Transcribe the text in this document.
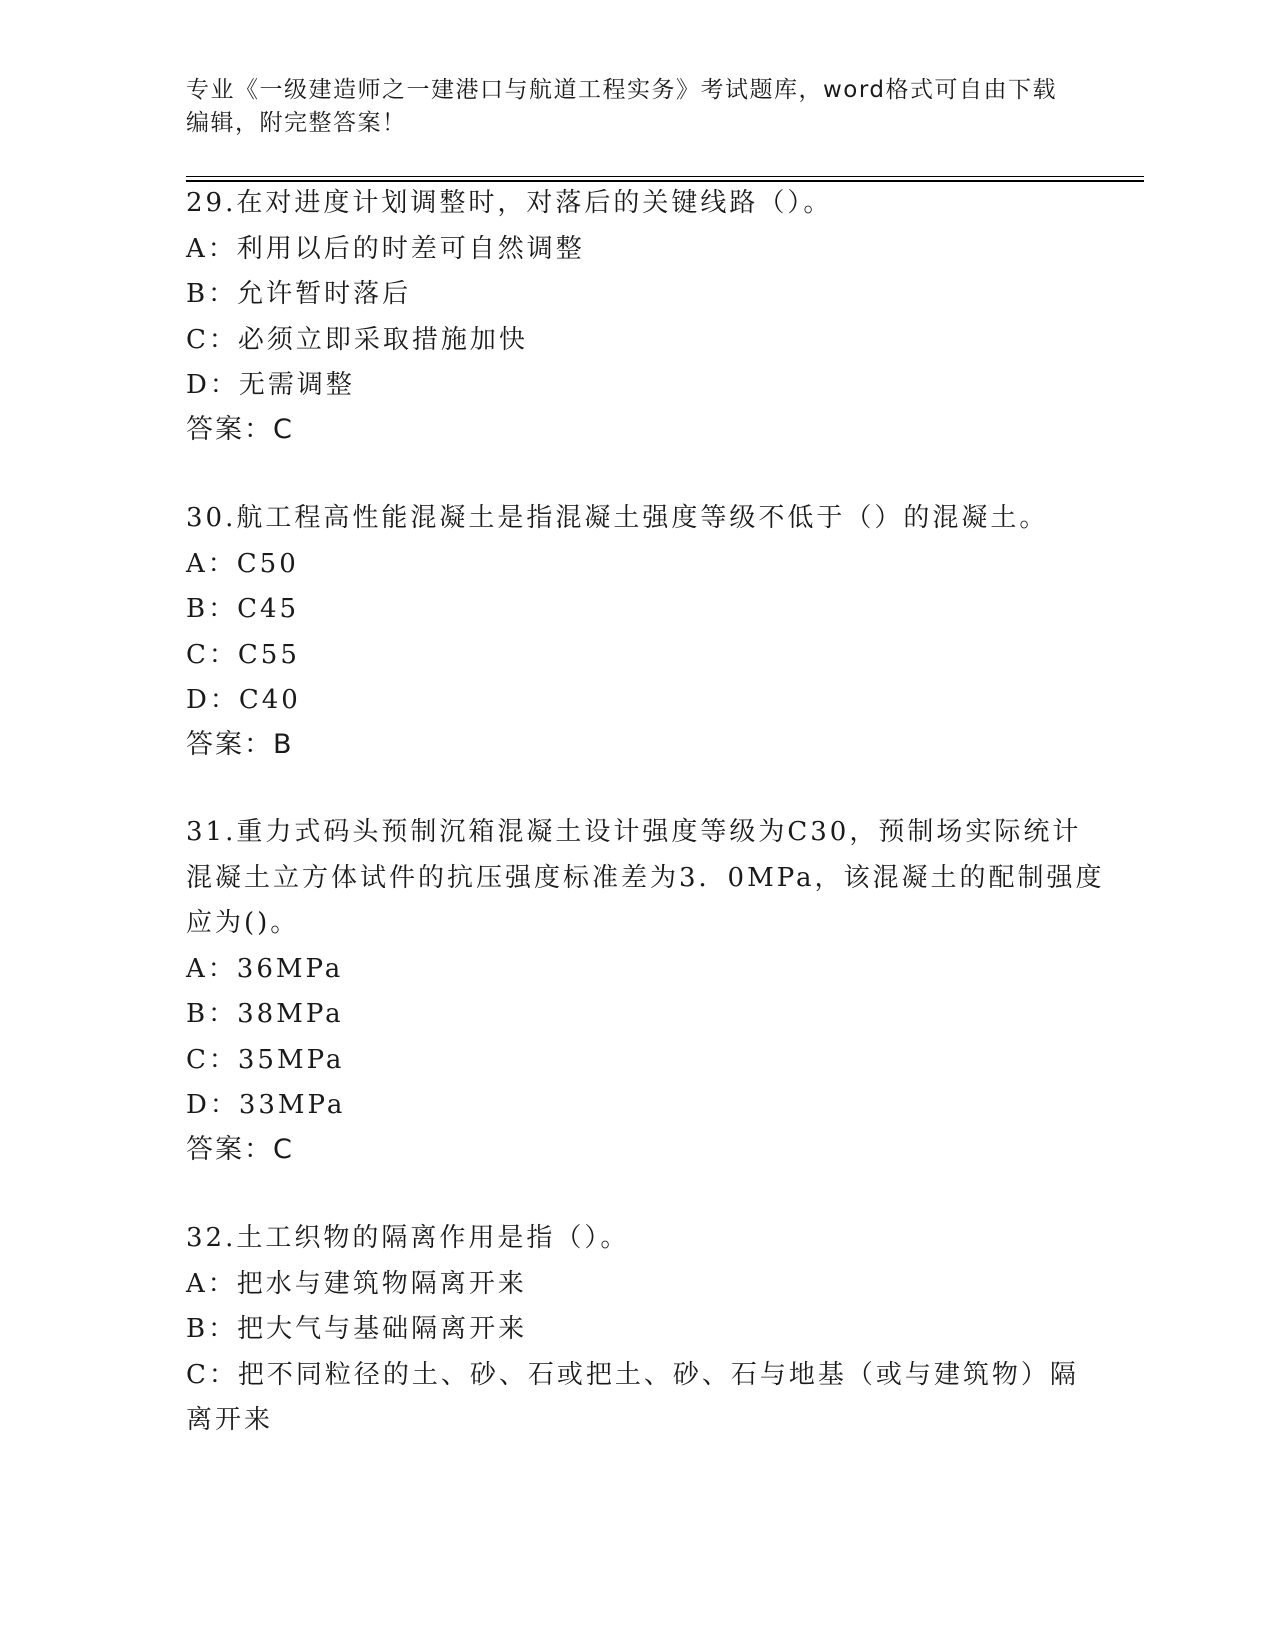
专业《一级建造师之一建港口与航道工程实务》考试题库，word格式可自由下载
编辑，附完整答案！
29.在对进度计划调整时，对落后的关键线路（）。
A：利用以后的时差可自然调整
B：允许暂时落后
C：必须立即采取措施加快
D：无需调整
答案：C
30.航工程高性能混凝土是指混凝土强度等级不低于（）的混凝土。
A：C50
B：C45
C：C55
D：C40
答案：B
31.重力式码头预制沉箱混凝土设计强度等级为C30，预制场实际统计
混凝土立方体试件的抗压强度标准差为3．0MPa，该混凝土的配制强度
应为()。
A：36MPa
B：38MPa
C：35MPa
D：33MPa
答案：C
32.土工织物的隔离作用是指（）。
A：把水与建筑物隔离开来
B：把大气与基础隔离开来
C：把不同粒径的土、砂、石或把土、砂、石与地基（或与建筑物）隔
离开来
